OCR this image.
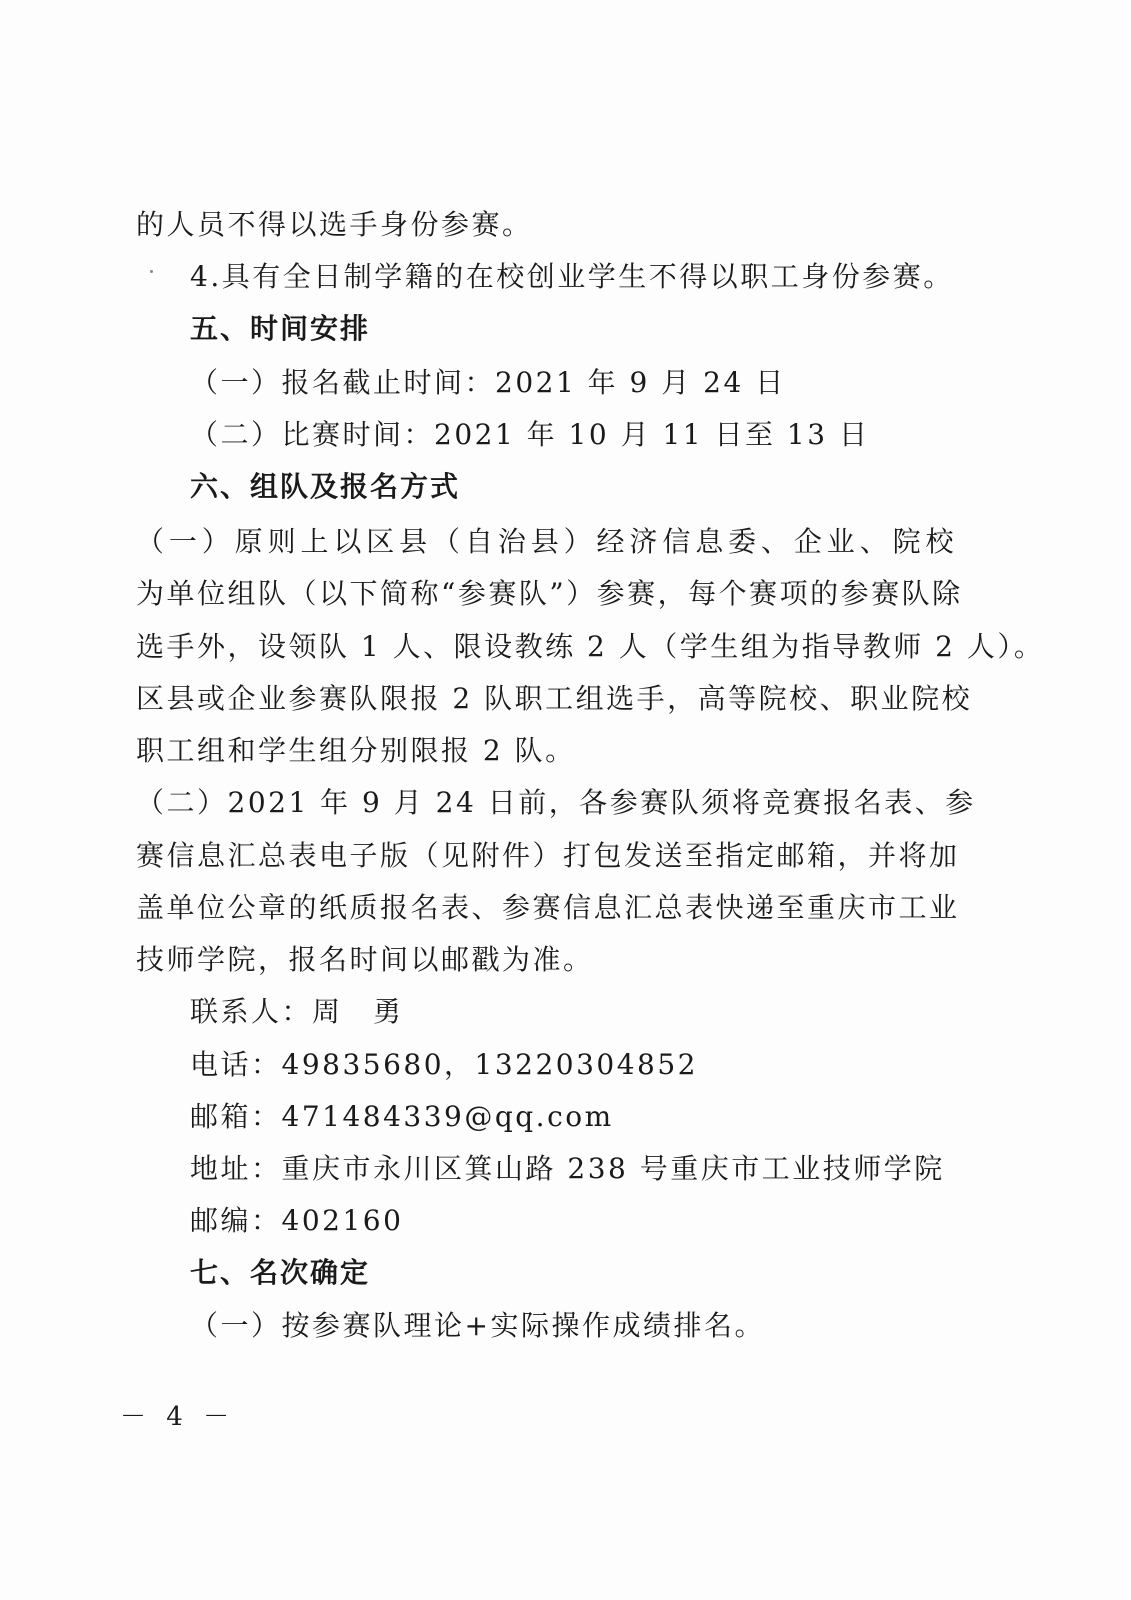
的人员不得以选手身份参赛。
4.具有全日制学籍的在校创业学生不得以职工身份参赛。
五、时间安排
（一）报名截止时间：2021 年 9 月 24 日
（二）比赛时间：2021 年 10 月 11 日至 13 日
六、组队及报名方式
（一）原则上以区县（自治县）经济信息委、企业、院校
为单位组队（以下简称“参赛队”）参赛，每个赛项的参赛队除
选手外，设领队 1 人、限设教练 2 人（学生组为指导教师 2 人）。
区县或企业参赛队限报 2 队职工组选手，高等院校、职业院校
职工组和学生组分别限报 2 队。
（二）2021 年 9 月 24 日前，各参赛队须将竞赛报名表、参
赛信息汇总表电子版（见附件）打包发送至指定邮箱，并将加
盖单位公章的纸质报名表、参赛信息汇总表快递至重庆市工业
技师学院，报名时间以邮戳为准。
联系人：周　勇
电话：49835680，13220304852
邮箱：471484339@qq.com
地址：重庆市永川区箕山路 238 号重庆市工业技师学院
邮编：402160
七、名次确定
（一）按参赛队理论+实际操作成绩排名。
－ 4 －
